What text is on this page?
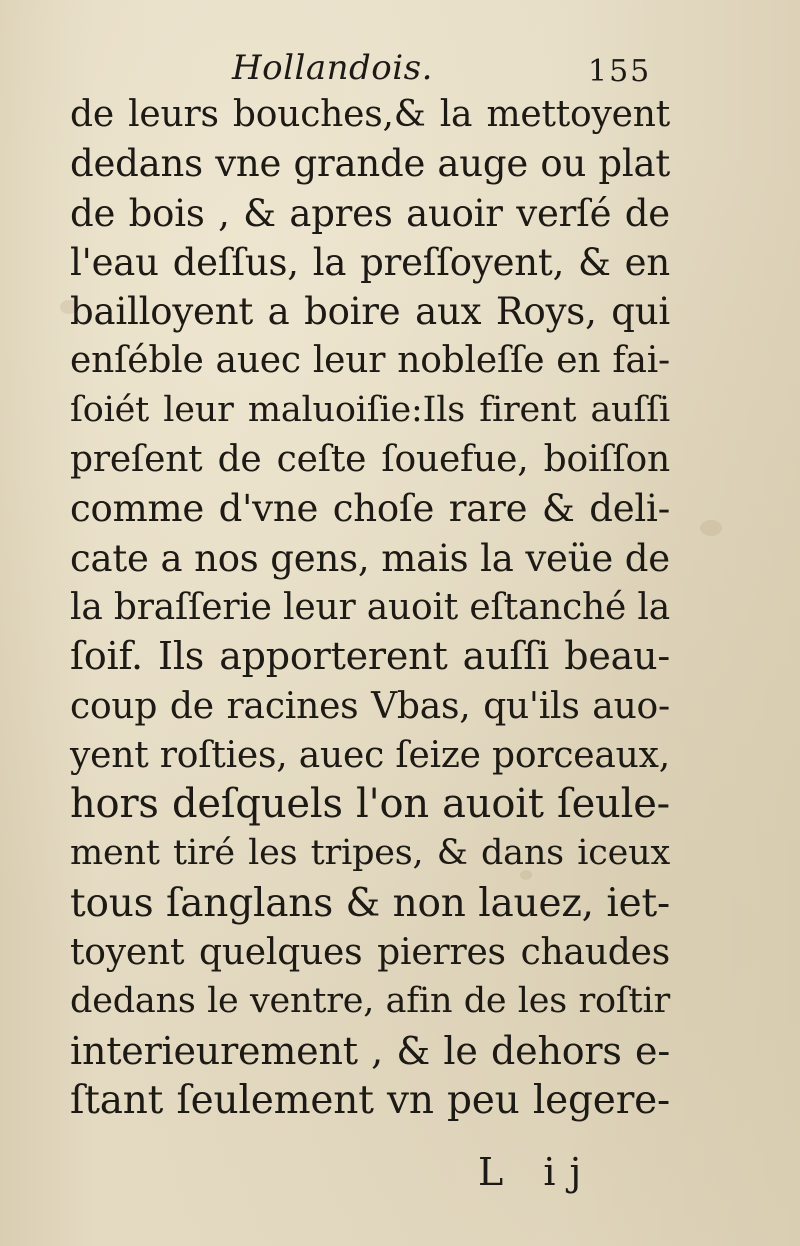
Hollandois.	155
de leurs bouches,& la mettoyent
dedans vne grande auge ou plat
de bois , & apres auoir verſé de
l'eau deſſus, la preſſoyent, & en
bailloyent a boire aux Roys, qui
enſéble auec leur nobleſſe en fai-
ſoiét leur maluoiſie:Ils firent auſſi
preſent de ceſte ſouefue, boiſſon
comme d'vne choſe rare & deli-
cate a nos gens, mais la veüe de
la braſſerie leur auoit eſtanché la
ſoif. Ils apporterent auſſi beau-
coup de racines Vbas, qu'ils auo-
yent roſties, auec ſeize porceaux,
hors deſquels l'on auoit ſeule-
ment tiré les tripes, & dans iceux
tous ſanglans & non lauez, iet-
toyent quelques pierres chaudes
dedans le ventre, afin de les roſtir
interieurement , & le dehors e-
ſtant ſeulement vn peu legere-
L ij
